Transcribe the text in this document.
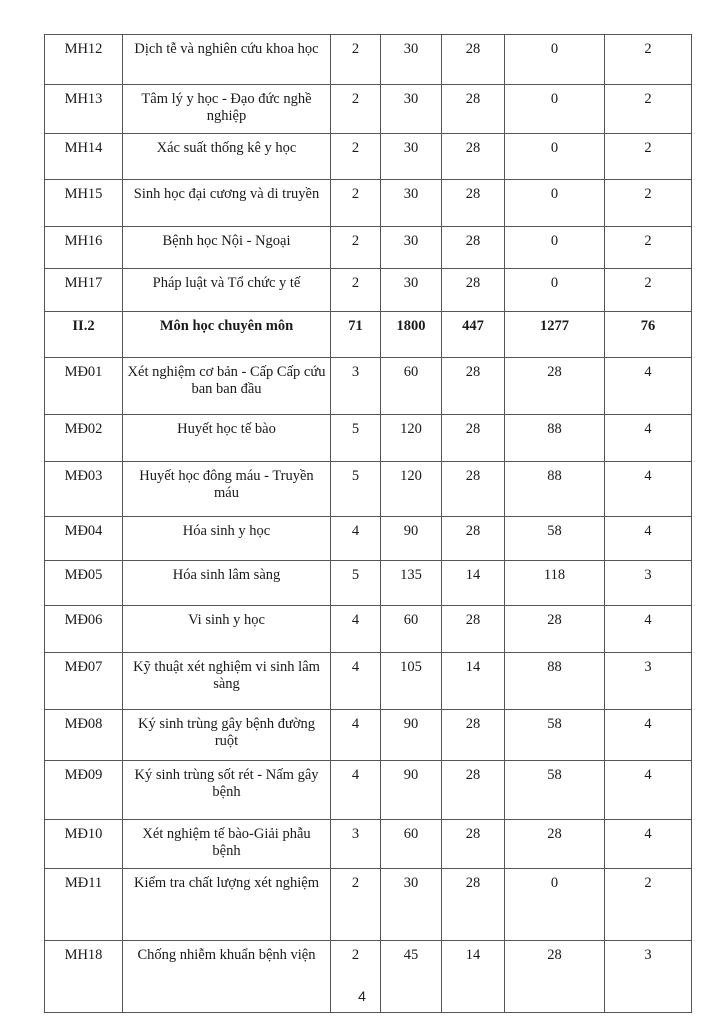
MH12	Dịch tễ và nghiên cứu khoa học	2	30	28	0	2
MH13	Tâm lý y học - Đạo đức nghề nghiệp	2	30	28	0	2
MH14	Xác suất thống kê y học	2	30	28	0	2
MH15	Sinh học đại cương và di truyền	2	30	28	0	2
MH16	Bệnh học Nội - Ngoại	2	30	28	0	2
MH17	Pháp luật và Tổ chức y tế	2	30	28	0	2
II.2	Môn học chuyên môn	71	1800	447	1277	76
MĐ01	Xét nghiệm cơ bản - Cấp Cấp cứu ban ban đầu	3	60	28	28	4
MĐ02	Huyết học tế bào	5	120	28	88	4
MĐ03	Huyết học đông máu - Truyền máu	5	120	28	88	4
MĐ04	Hóa sinh y học	4	90	28	58	4
MĐ05	Hóa sinh lâm sàng	5	135	14	118	3
MĐ06	Vi sinh y học	4	60	28	28	4
MĐ07	Kỹ thuật xét nghiệm vi sinh lâm sàng	4	105	14	88	3
MĐ08	Ký sinh trùng gây bệnh đường ruột	4	90	28	58	4
MĐ09	Ký sinh trùng sốt rét - Nấm gây bệnh	4	90	28	58	4
MĐ10	Xét nghiệm tế bào-Giải phẫu bệnh	3	60	28	28	4
MĐ11	Kiểm tra chất lượng xét nghiệm	2	30	28	0	2
MH18	Chống nhiễm khuẩn bệnh viện	2	45	14	28	3
4
